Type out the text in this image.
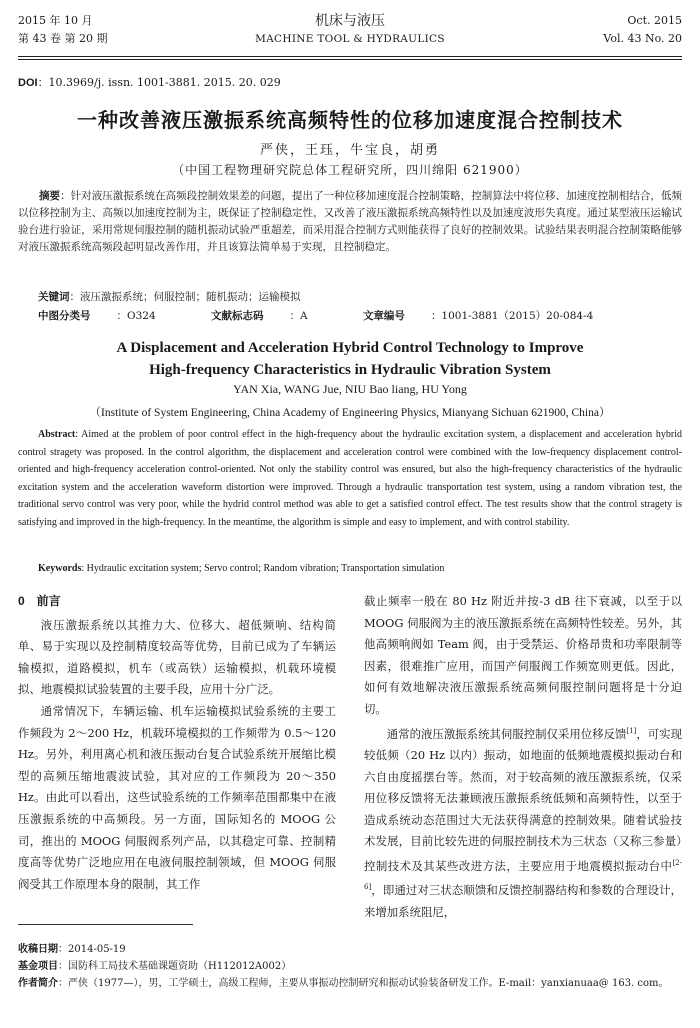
2015 年 10 月
第 43 卷 第 20 期
机床与液压
MACHINE TOOL & HYDRAULICS
Oct. 2015
Vol. 43 No. 20
DOI：10.3969/j. issn. 1001-3881. 2015. 20. 029
一种改善液压激振系统高频特性的位移加速度混合控制技术
严侠，王珏，牛宝良，胡勇
（中国工程物理研究院总体工程研究所，四川绵阳 621900）
摘要：针对液压激振系统在高频段控制效果差的问题，提出了一种位移加速度混合控制策略，控制算法中将位移、加速度控制相结合，低频以位移控制为主、高频以加速度控制为主，既保证了控制稳定性，又改善了液压激振系统高频特性以及加速度波形失真度。通过某型液压运输试验台进行验证，采用常规伺服控制的随机振动试验严重超差，而采用混合控制方式则能获得了良好的控制效果。试验结果表明混合控制策略能够对液压激振系统高频段起明显改善作用，并且该算法简单易于实现，且控制稳定。
关键词：液压激振系统；伺服控制；随机振动；运输模拟
中图分类号 ：O324	文献标志码 ：A	文章编号 ：1001-3881（2015）20-084-4
A Displacement and Acceleration Hybrid Control Technology to Improve
High-frequency Characteristics in Hydraulic Vibration System
YAN Xia, WANG Jue, NIU Bao liang, HU Yong
（Institute of System Engineering, China Academy of Engineering Physics, Mianyang Sichuan 621900, China）
Abstract: Aimed at the problem of poor control effect in the high-frequency about the hydraulic excitation system, a displacement and acceleration hybrid control stragety was proposed. In the control algorithm, the displacement and acceleration control were combined with the low-frequency displacement control-oriented and high-frequency acceleration control-oriented. Not only the stability control was ensured, but also the high-frequency characteristics of the hydraulic excitation system and the acceleration waveform distortion were improved. Through a hydraulic transportation test system, using a random vibration test, the traditional servo control was very poor, while the hydrid control method was able to get a satisfied control effect. The test results show that the control stragety is satisfying and improved in the high-frequency. In the meantime, the algorithm is simple and easy to implement, and with control stability.
Keywords: Hydraulic excitation system; Servo control; Random vibration; Transportation simulation
0　前言

液压激振系统以其推力大、位移大、超低频响、结构简单、易于实现以及控制精度较高等优势，目前已成为了车辆运输模拟，道路模拟，机车（或高铁）运输模拟，机载环境模拟、地震模拟试验装置的主要手段，应用十分广泛。

通常情况下，车辆运输、机车运输模拟试验系统的主要工作频段为 2～200 Hz，机载环境模拟的工作频带为 0.5～120 Hz。另外，利用离心机和液压振动台复合试验系统开展缩比模型的高频压缩地震波试验，其对应的工作频段为 20～350 Hz。由此可以看出，这些试验系统的工作频率范围都集中在液压激振系统的中高频段。另一方面，国际知名的 MOOG 公司，推出的 MOOG 伺服阀系列产品，以其稳定可靠、控制精度高等优势广泛地应用在电液伺服控制领域，但 MOOG 伺服阀受其工作原理本身的限制，其工作

截止频率一般在 80 Hz 附近并按-3 dB 往下衰减，以至于以 MOOG 伺服阀为主的液压激振系统在高频特性较差。另外，其他高频响阀如 Team 阀，由于受禁运、价格昂贵和功率限制等因素，很难推广应用，而国产伺服阀工作频宽则更低。因此，如何有效地解决液压激振系统高频伺服控制问题将是十分迫切。

通常的液压激振系统其伺服控制仅采用位移反馈[1]，可实现较低频（20 Hz 以内）振动，如地面的低频地震模拟振动台和六自由度摇摆台等。然而，对于较高频的液压激振系统，仅采用位移反馈将无法兼顾液压激振系统低频和高频特性，以至于造成系统动态范围过大无法获得满意的控制效果。随着试验技术发展，目前比较先进的伺服控制技术为三状态（又称三参量）控制技术及其某些改进方法，主要应用于地震模拟振动台中[2-6]，即通过对三状态顺馈和反馈控制器结构和参数的合理设计，来增加系统阻尼，

收稿日期：2014-05-19
基金项目：国防科工局技术基础课题资助（H112012A002）
作者简介：严侠（1977—），男，工学硕士，高级工程师，主要从事振动控制研究和振动试验装备研发工作。E-mail：yanxianuaa@ 163. com。
